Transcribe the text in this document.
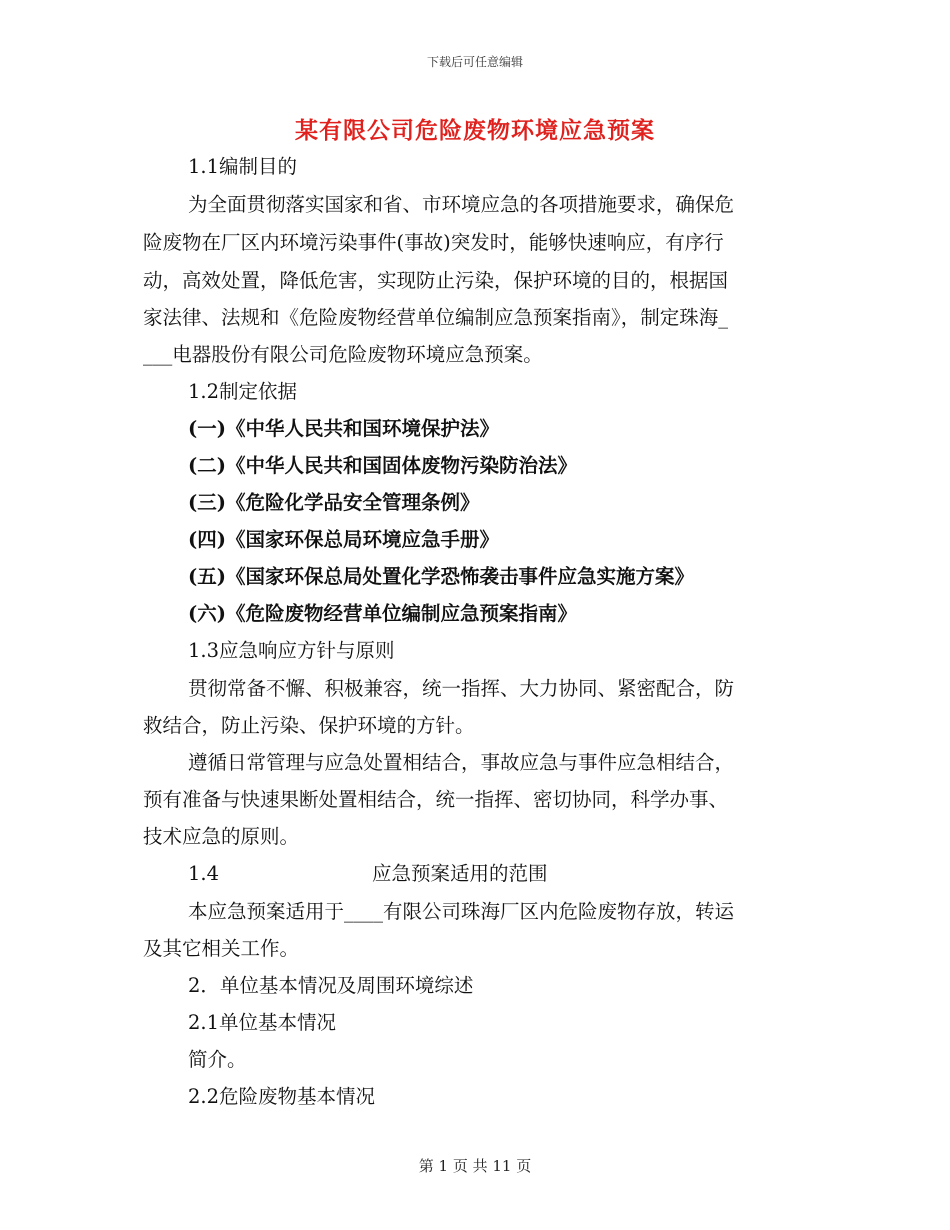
下载后可任意编辑
某有限公司危险废物环境应急预案
1.1编制目的
为全面贯彻落实国家和省、市环境应急的各项措施要求，确保危
险废物在厂区内环境污染事件(事故)突发时，能够快速响应，有序行
动，高效处置，降低危害，实现防止污染，保护环境的目的，根据国
家法律、法规和《危险废物经营单位编制应急预案指南》，制定珠海_
___电器股份有限公司危险废物环境应急预案。
1.2制定依据
(一)《中华人民共和国环境保护法》
(二)《中华人民共和国固体废物污染防治法》
(三)《危险化学品安全管理条例》
(四)《国家环保总局环境应急手册》
(五)《国家环保总局处置化学恐怖袭击事件应急实施方案》
(六)《危险废物经营单位编制应急预案指南》
1.3应急响应方针与原则
贯彻常备不懈、积极兼容，统一指挥、大力协同、紧密配合，防
救结合，防止污染、保护环境的方针。
遵循日常管理与应急处置相结合，事故应急与事件应急相结合，
预有准备与快速果断处置相结合，统一指挥、密切协同，科学办事、
技术应急的原则。
1.4	应急预案适用的范围
本应急预案适用于____有限公司珠海厂区内危险废物存放，转运
及其它相关工作。
2．单位基本情况及周围环境综述
2.1单位基本情况
简介。
2.2危险废物基本情况
第 1 页 共 11 页
